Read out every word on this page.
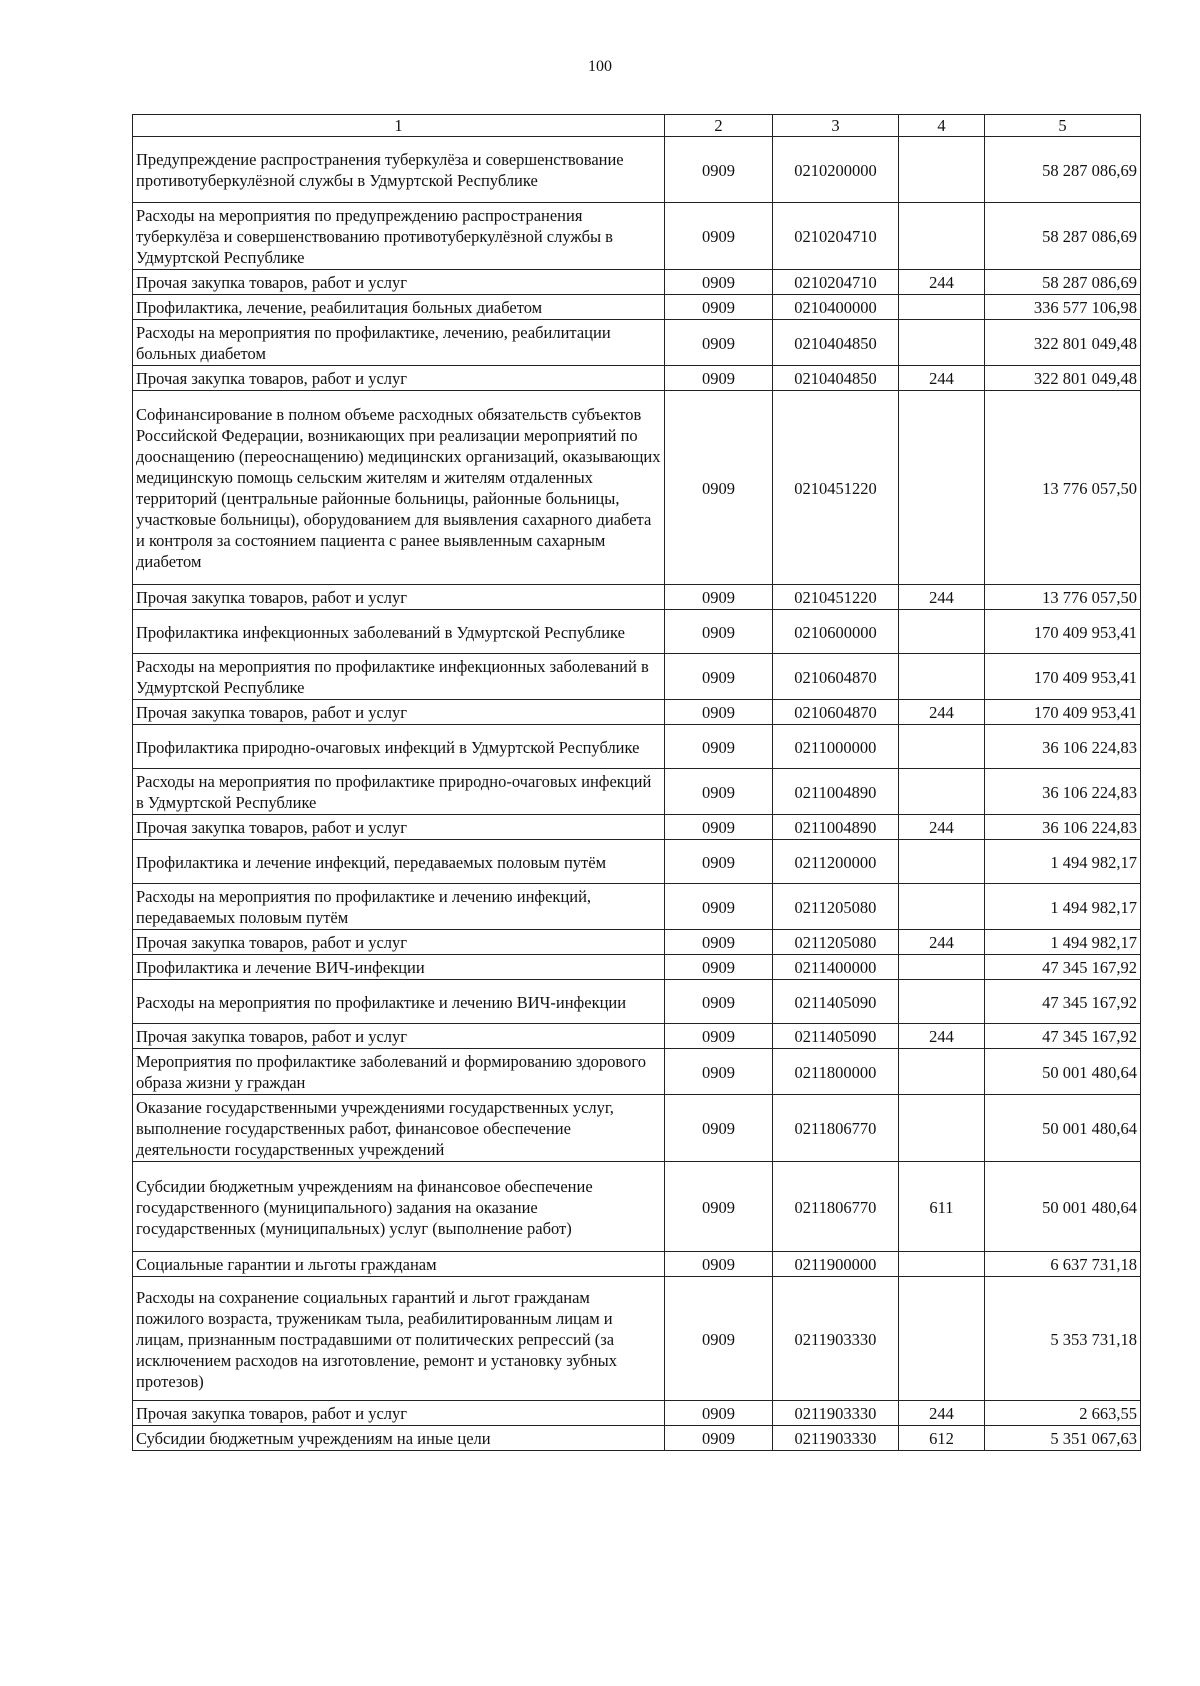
100
1	2	3	4	5
Предупреждение распространения туберкулёза и совершенствование противотуберкулёзной службы в Удмуртской Республике	0909	0210200000		58 287 086,69
Расходы на мероприятия по предупреждению распространения туберкулёза и совершенствованию противотуберкулёзной службы в Удмуртской Республике	0909	0210204710		58 287 086,69
Прочая закупка товаров, работ и услуг	0909	0210204710	244	58 287 086,69
Профилактика, лечение, реабилитация больных диабетом	0909	0210400000		336 577 106,98
Расходы на мероприятия по профилактике, лечению, реабилитации больных диабетом	0909	0210404850		322 801 049,48
Прочая закупка товаров, работ и услуг	0909	0210404850	244	322 801 049,48
Софинансирование в полном объеме расходных обязательств субъектов Российской Федерации, возникающих при реализации мероприятий по дооснащению (переоснащению) медицинских организаций, оказывающих медицинскую помощь сельским жителям и жителям отдаленных территорий (центральные районные больницы, районные больницы, участковые больницы), оборудованием для выявления сахарного диабета и контроля за состоянием пациента с ранее выявленным сахарным диабетом	0909	0210451220		13 776 057,50
Прочая закупка товаров, работ и услуг	0909	0210451220	244	13 776 057,50
Профилактика инфекционных заболеваний в Удмуртской Республике	0909	0210600000		170 409 953,41
Расходы на мероприятия по профилактике инфекционных заболеваний в Удмуртской Республике	0909	0210604870		170 409 953,41
Прочая закупка товаров, работ и услуг	0909	0210604870	244	170 409 953,41
Профилактика природно-очаговых инфекций в Удмуртской Республике	0909	0211000000		36 106 224,83
Расходы на мероприятия по профилактике природно-очаговых инфекций в Удмуртской Республике	0909	0211004890		36 106 224,83
Прочая закупка товаров, работ и услуг	0909	0211004890	244	36 106 224,83
Профилактика и лечение инфекций, передаваемых половым путём	0909	0211200000		1 494 982,17
Расходы на мероприятия по профилактике и лечению инфекций, передаваемых половым путём	0909	0211205080		1 494 982,17
Прочая закупка товаров, работ и услуг	0909	0211205080	244	1 494 982,17
Профилактика и лечение ВИЧ-инфекции	0909	0211400000		47 345 167,92
Расходы на мероприятия по профилактике и лечению ВИЧ-инфекции	0909	0211405090		47 345 167,92
Прочая закупка товаров, работ и услуг	0909	0211405090	244	47 345 167,92
Мероприятия по профилактике заболеваний и формированию здорового образа жизни у граждан	0909	0211800000		50 001 480,64
Оказание государственными учреждениями государственных услуг, выполнение государственных работ, финансовое обеспечение деятельности государственных учреждений	0909	0211806770		50 001 480,64
Субсидии бюджетным учреждениям на финансовое обеспечение государственного (муниципального) задания на оказание государственных (муниципальных) услуг (выполнение работ)	0909	0211806770	611	50 001 480,64
Социальные гарантии и льготы гражданам	0909	0211900000		6 637 731,18
Расходы на сохранение социальных гарантий и льгот гражданам пожилого возраста, труженикам тыла, реабилитированным лицам и лицам, признанным пострадавшими от политических репрессий (за исключением расходов на изготовление, ремонт и установку зубных протезов)	0909	0211903330		5 353 731,18
Прочая закупка товаров, работ и услуг	0909	0211903330	244	2 663,55
Субсидии бюджетным учреждениям на иные цели	0909	0211903330	612	5 351 067,63
